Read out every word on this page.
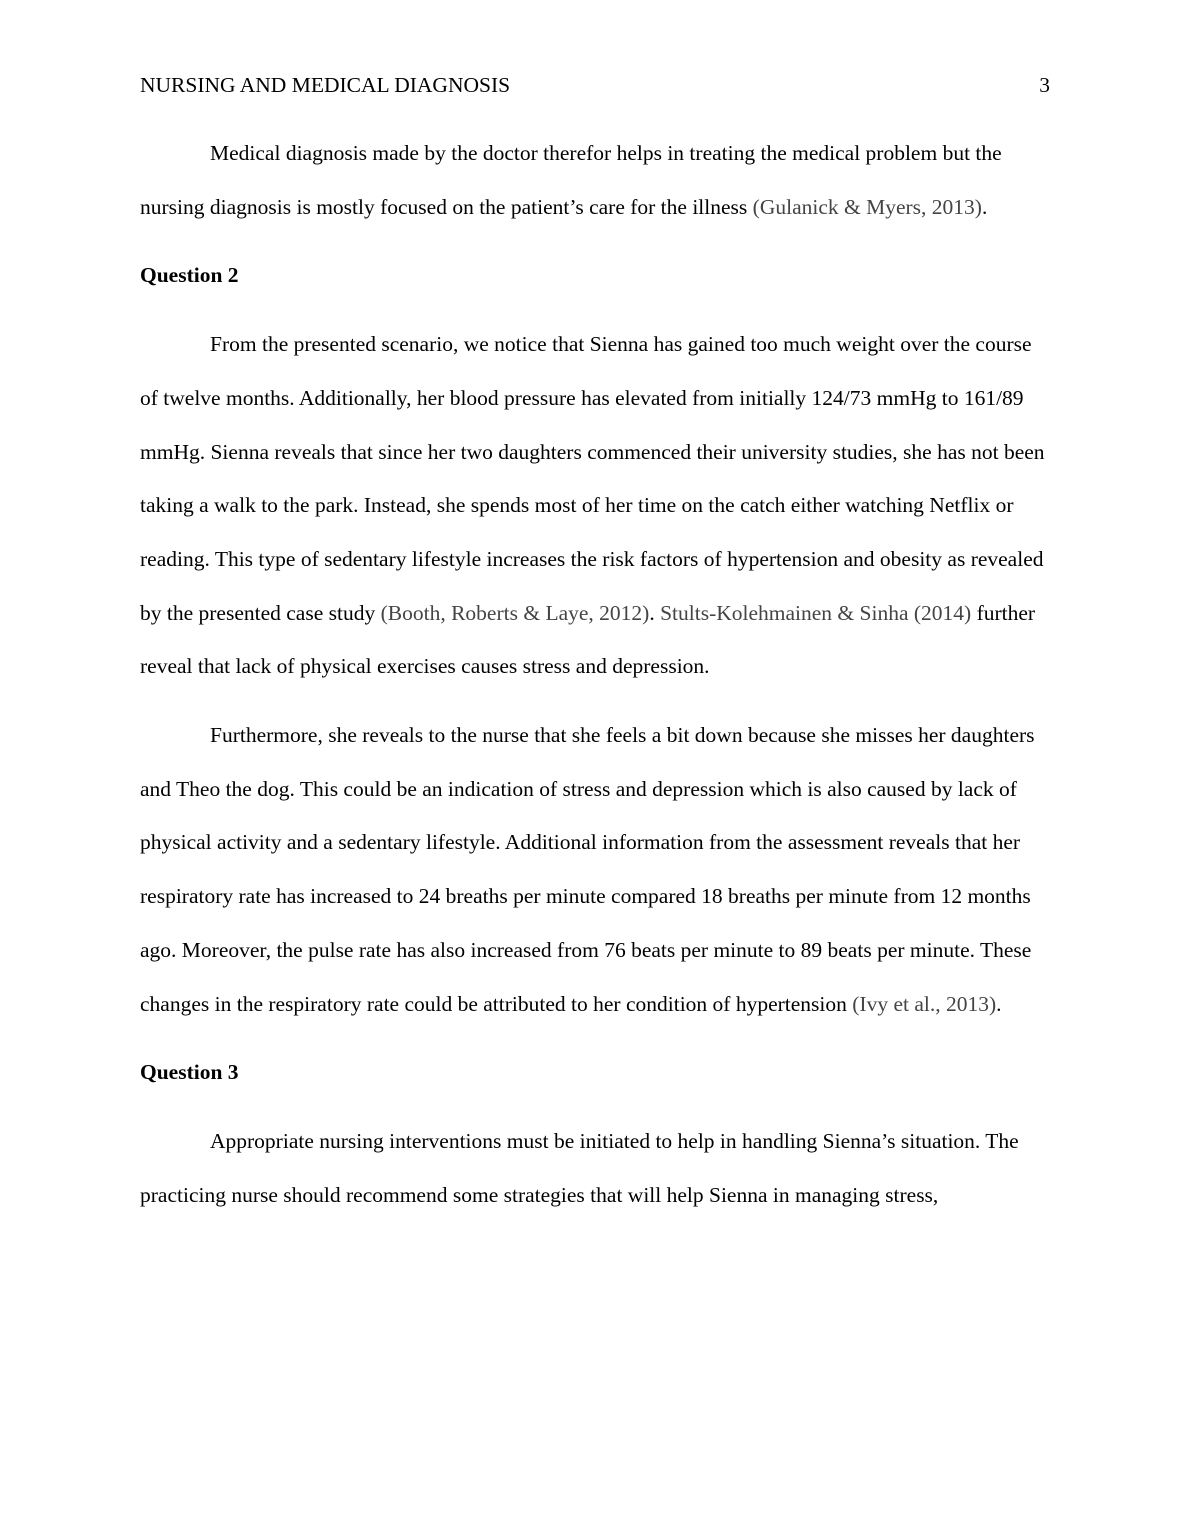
NURSING AND MEDICAL DIAGNOSIS	3

Medical diagnosis made by the doctor therefor helps in treating the medical problem but the nursing diagnosis is mostly focused on the patient’s care for the illness (Gulanick & Myers, 2013).

Question 2

From the presented scenario, we notice that Sienna has gained too much weight over the course of twelve months. Additionally, her blood pressure has elevated from initially 124/73 mmHg to 161/89 mmHg. Sienna reveals that since her two daughters commenced their university studies, she has not been taking a walk to the park. Instead, she spends most of her time on the catch either watching Netflix or reading. This type of sedentary lifestyle increases the risk factors of hypertension and obesity as revealed by the presented case study (Booth, Roberts & Laye, 2012). Stults-Kolehmainen & Sinha (2014) further reveal that lack of physical exercises causes stress and depression.

Furthermore, she reveals to the nurse that she feels a bit down because she misses her daughters and Theo the dog. This could be an indication of stress and depression which is also caused by lack of physical activity and a sedentary lifestyle. Additional information from the assessment reveals that her respiratory rate has increased to 24 breaths per minute compared 18 breaths per minute from 12 months ago. Moreover, the pulse rate has also increased from 76 beats per minute to 89 beats per minute. These changes in the respiratory rate could be attributed to her condition of hypertension (Ivy et al., 2013).

Question 3

Appropriate nursing interventions must be initiated to help in handling Sienna’s situation. The practicing nurse should recommend some strategies that will help Sienna in managing stress,
